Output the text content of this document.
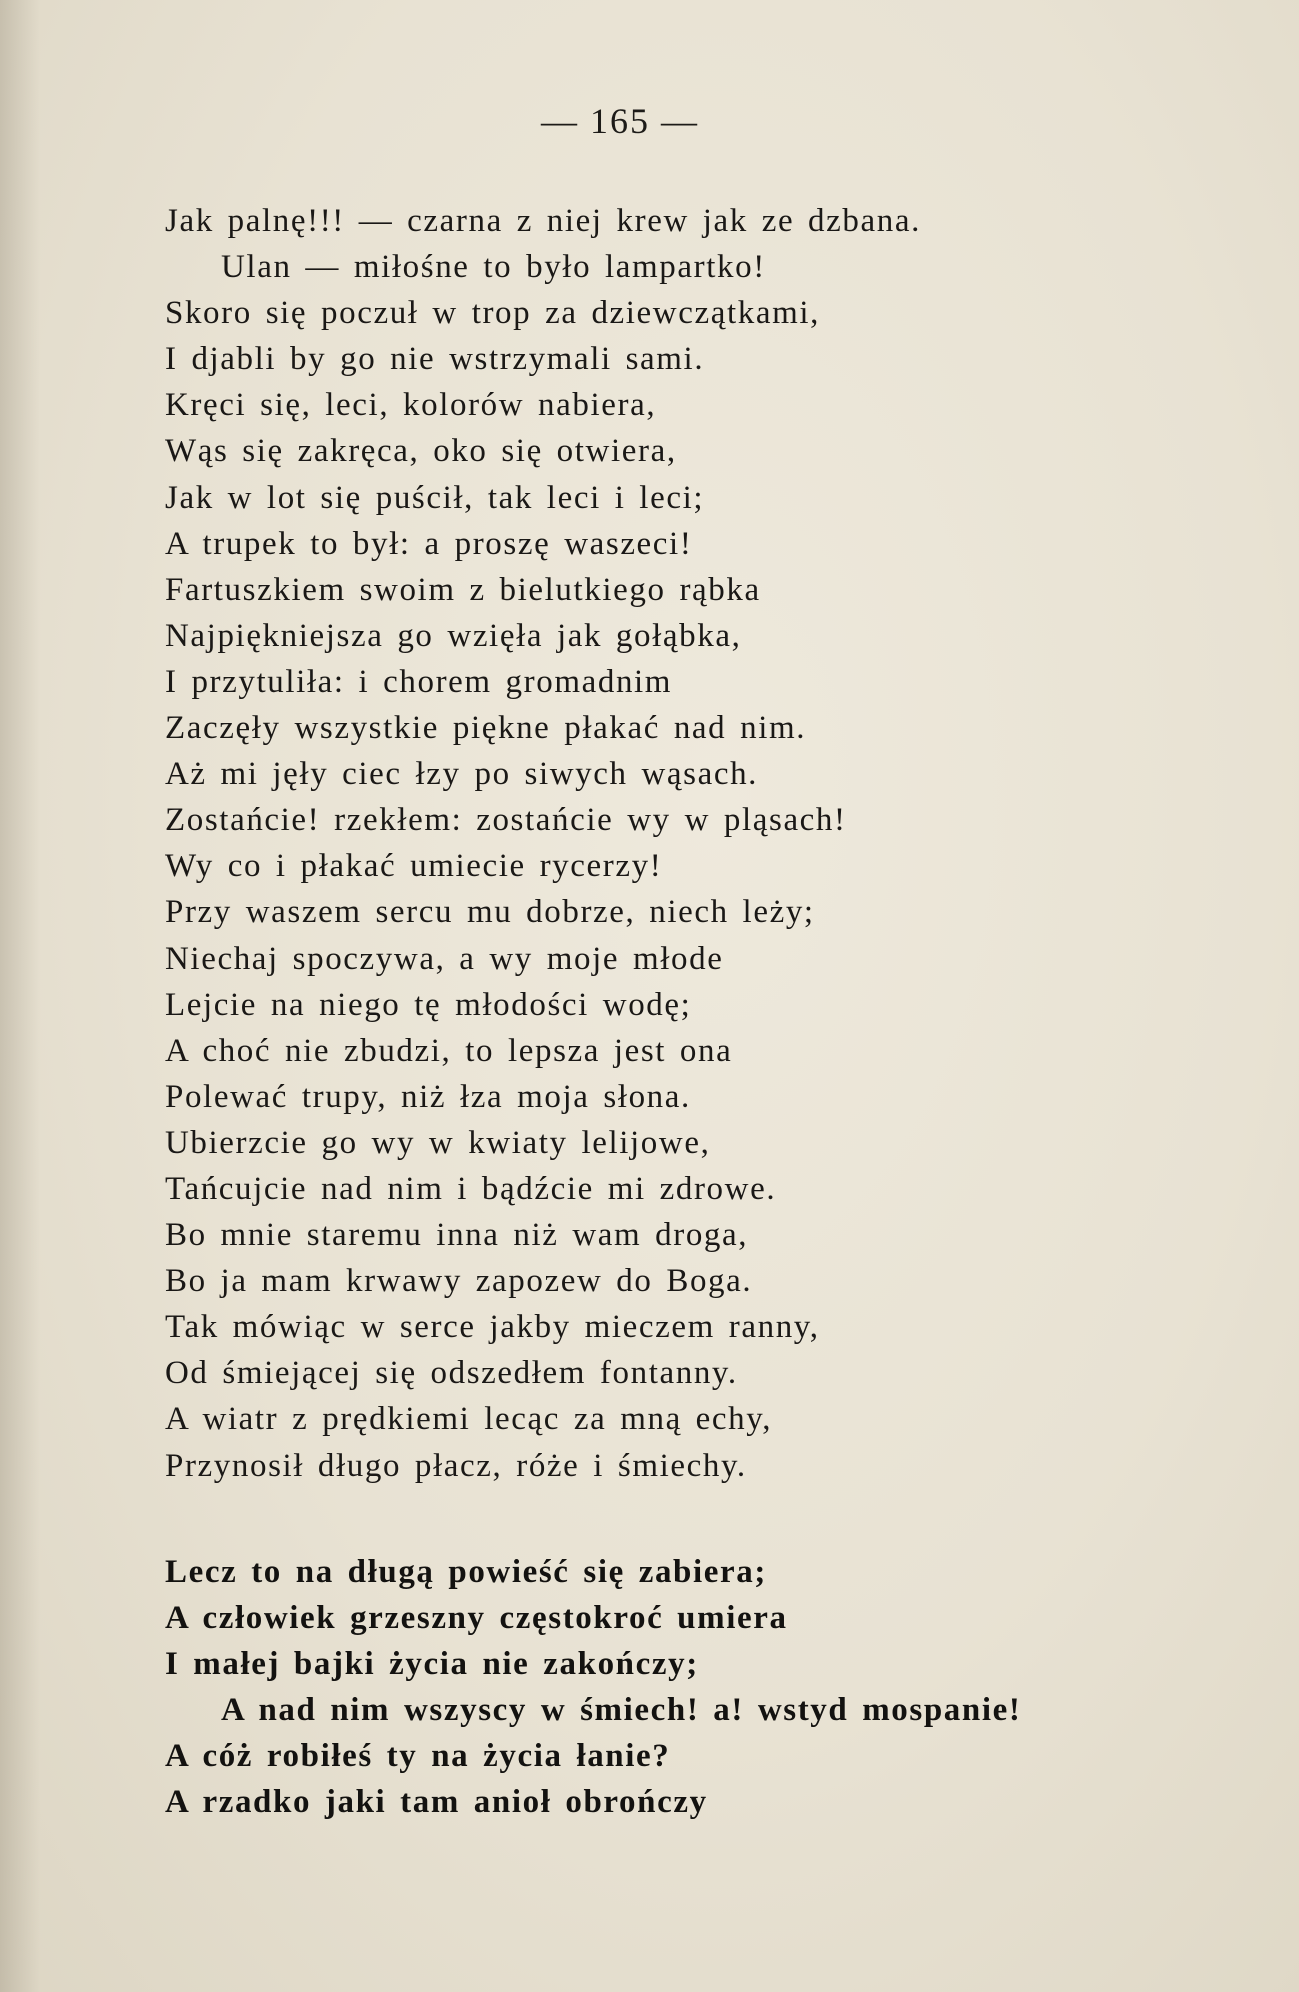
— 165 —
Jak palnę!!! — czarna z niej krew jak ze dzbana.
Ulan — miłośne to było lampartko!
Skoro się poczuł w trop za dziewczątkami,
I djabli by go nie wstrzymali sami.
Kręci się, leci, kolorów nabiera,
Wąs się zakręca, oko się otwiera,
Jak w lot się puścił, tak leci i leci;
A trupek to był: a proszę waszeci!
Fartuszkiem swoim z bielutkiego rąbka
Najpiękniejsza go wzięła jak gołąbka,
I przytuliła: i chorem gromadnim
Zaczęły wszystkie piękne płakać nad nim.
Aż mi jęły ciec łzy po siwych wąsach.
Zostańcie! rzekłem: zostańcie wy w pląsach!
Wy co i płakać umiecie rycerzy!
Przy waszem sercu mu dobrze, niech leży;
Niechaj spoczywa, a wy moje młode
Lejcie na niego tę młodości wodę;
A choć nie zbudzi, to lepsza jest ona
Polewać trupy, niż łza moja słona.
Ubierzcie go wy w kwiaty lelijowe,
Tańcujcie nad nim i bądźcie mi zdrowe.
Bo mnie staremu inna niż wam droga,
Bo ja mam krwawy zapozew do Boga.
Tak mówiąc w serce jakby mieczem ranny,
Od śmiejącej się odszedłem fontanny.
A wiatr z prędkiemi lecąc za mną echy,
Przynosił długo płacz, róże i śmiechy.
Lecz to na długą powieść się zabiera;
A człowiek grzeszny częstokroć umiera
I małej bajki życia nie zakończy;
A nad nim wszyscy w śmiech! a! wstyd mospanie!
A cóż robiłeś ty na życia łanie?
A rzadko jaki tam anioł obrończy
